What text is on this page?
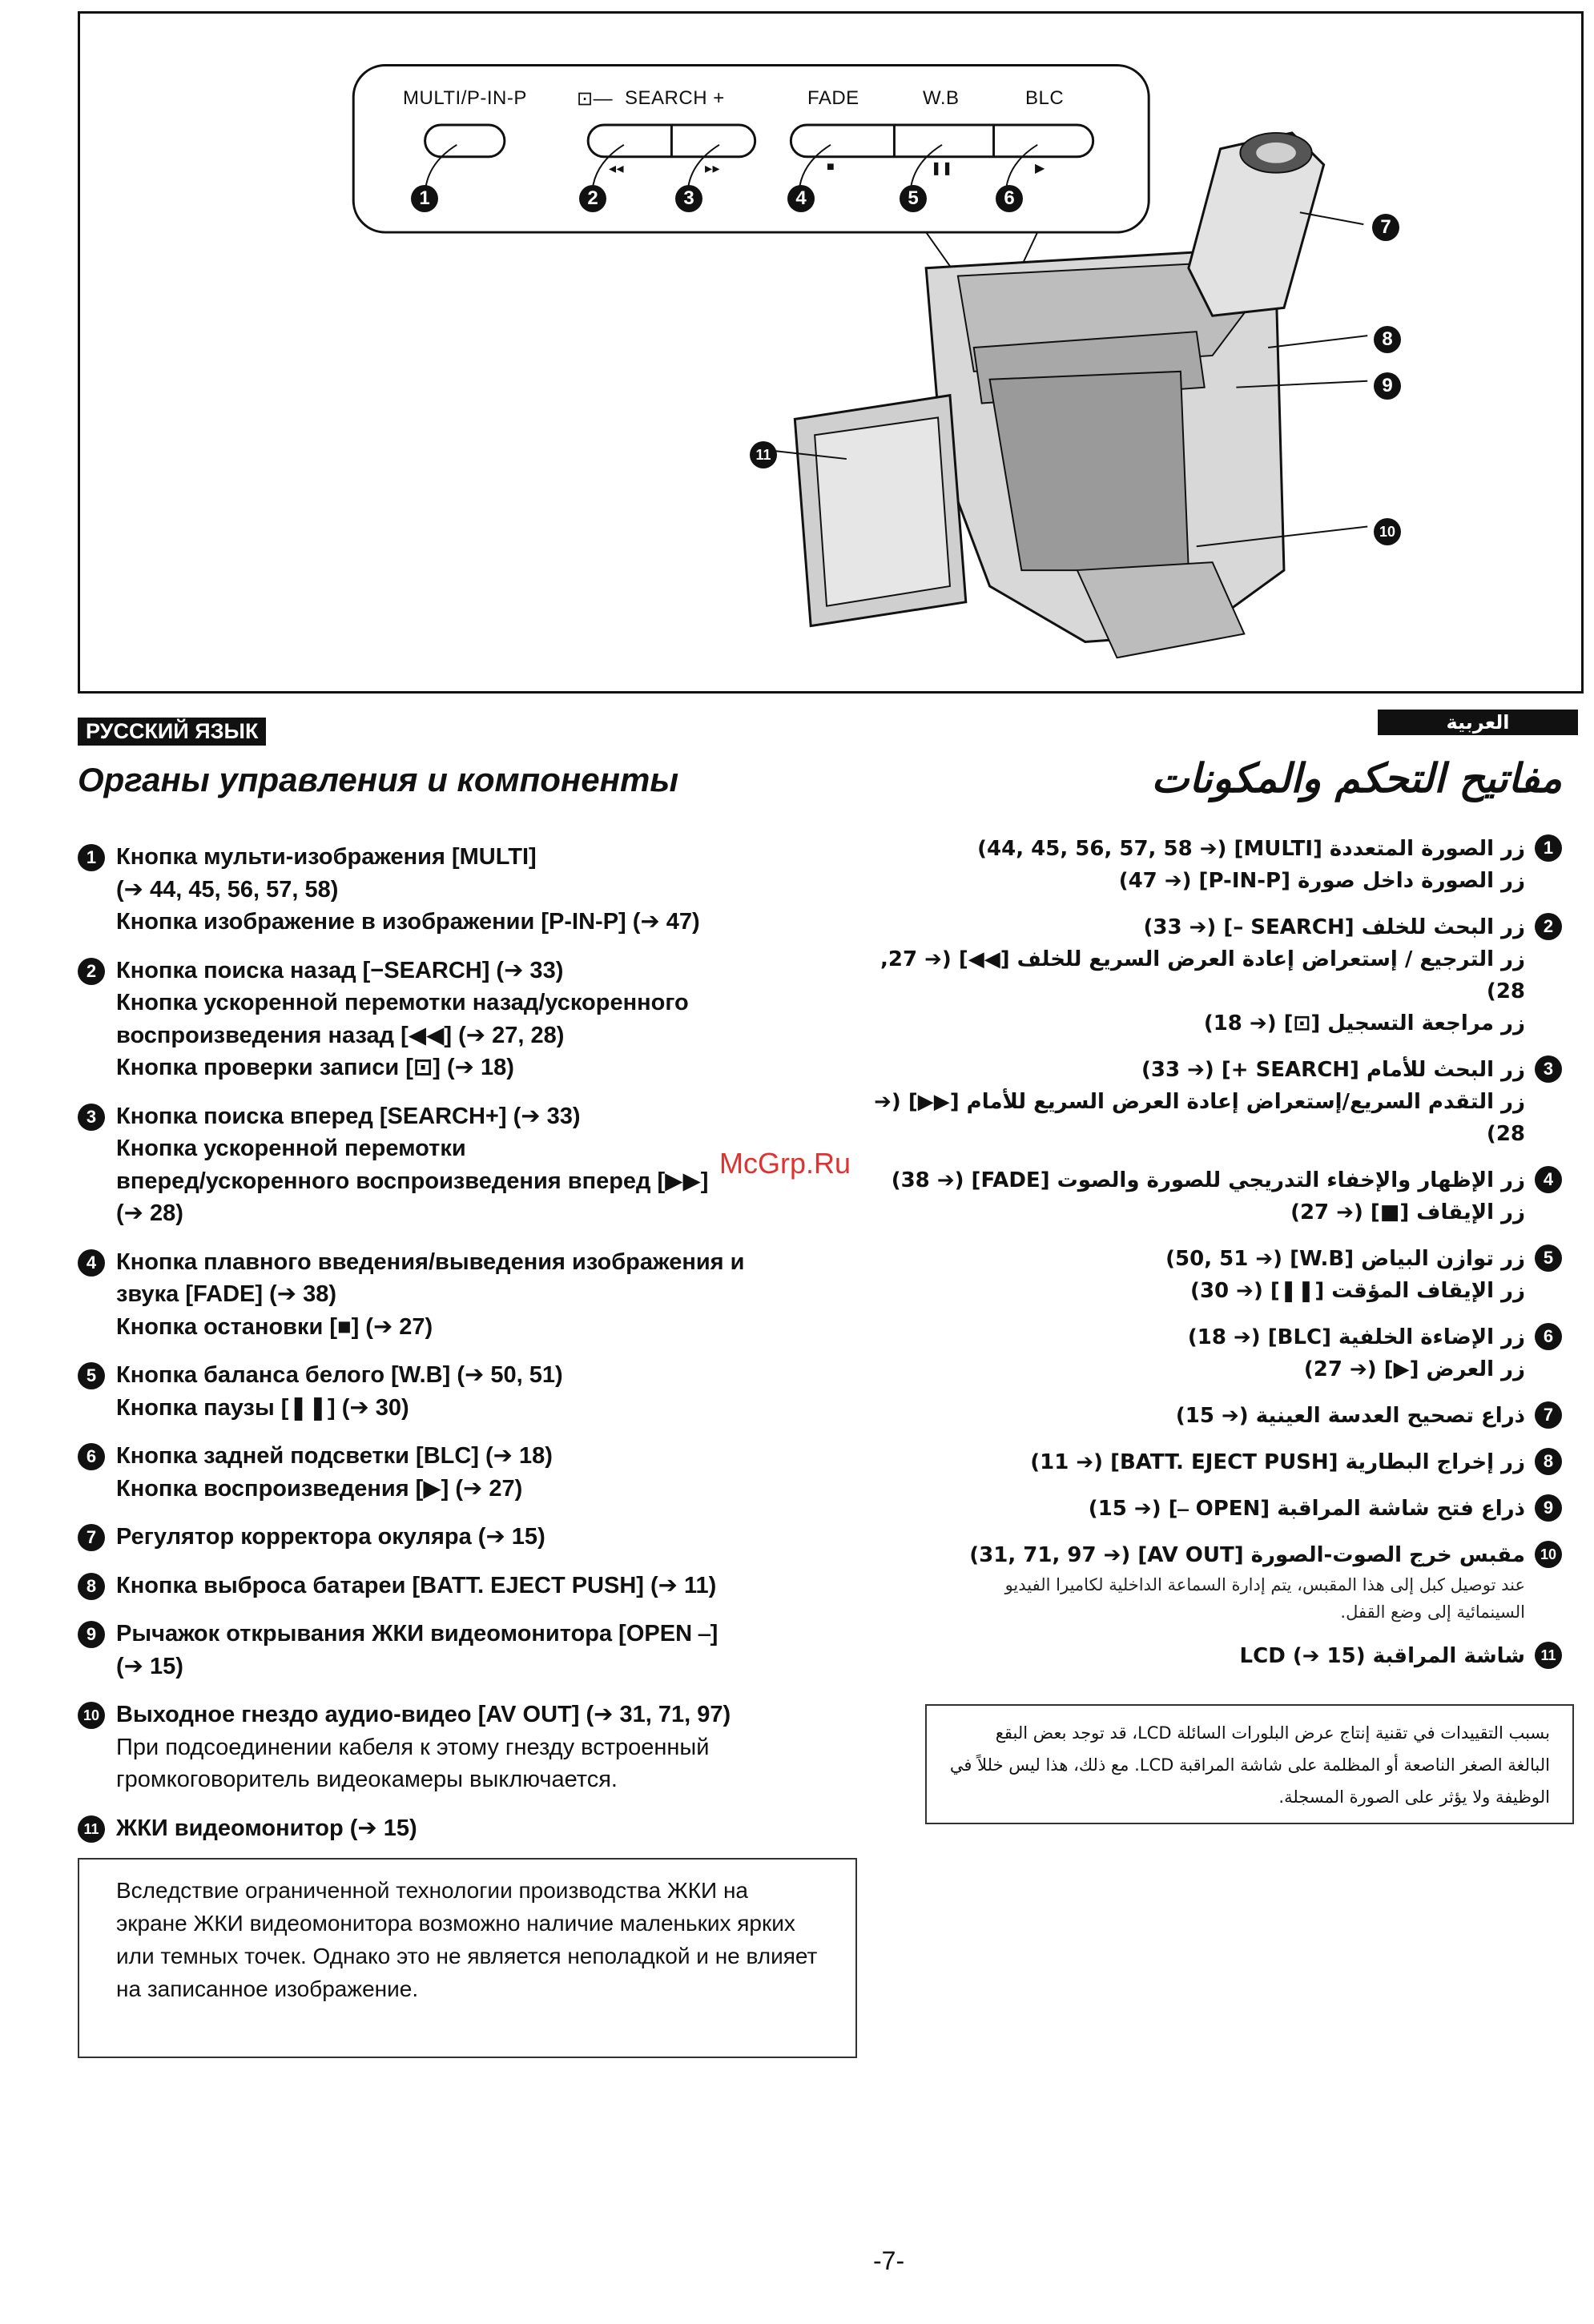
MULTI/P-IN-P	⊡— SEARCH +	FADE	W.B	BLC
◂◂	▸▸	■	❚❚	▶
1	2	3	4	5	6
7
8
9
10
11
РУССКИЙ ЯЗЫК	العربية
Органы управления и компоненты	مفاتيح التحكم والمكونات
1 Кнопка мульти-изображения [MULTI]
(➔ 44, 45, 56, 57, 58)
Кнопка изображение в изображении [P-IN-P] (➔ 47)
2 Кнопка поиска назад [−SEARCH] (➔ 33)
Кнопка ускоренной перемотки назад/ускоренного
воспроизведения назад [◀◀] (➔ 27, 28)
Кнопка проверки записи [⊡] (➔ 18)
3 Кнопка поиска вперед [SEARCH+] (➔ 33)
Кнопка ускоренной перемотки
вперед/ускоренного воспроизведения вперед [▶▶]
(➔ 28)
4 Кнопка плавного введения/выведения изображения и
звука [FADE] (➔ 38)
Кнопка остановки [■] (➔ 27)
5 Кнопка баланса белого [W.B] (➔ 50, 51)
Кнопка паузы [❚❚] (➔ 30)
6 Кнопка задней подсветки [BLC] (➔ 18)
Кнопка воспроизведения [▶] (➔ 27)
7 Регулятор корректора окуляра (➔ 15)
8 Кнопка выброса батареи [BATT. EJECT PUSH] (➔ 11)
9 Рычажок открывания ЖКИ видеомонитора [OPEN ⎯]
(➔ 15)
10 Выходное гнездо аудио-видео [AV OUT] (➔ 31, 71, 97)
При подсоединении кабеля к этому гнезду встроенный
громкоговоритель видеокамеры выключается.
11 ЖКИ видеомонитор (➔ 15)
Вследствие ограниченной технологии производства ЖКИ на экране ЖКИ видеомонитора возможно наличие маленьких ярких или темных точек. Однако это не является неполадкой и не влияет на записанное изображение.
1
زر الصورة المتعددة [MULTI] (➔ 44, 45, 56, 57, 58)
زر الصورة داخل صورة [P-IN-P] (➔ 47)
2
زر البحث للخلف [SEARCH –] (➔ 33)
زر الترجيع / إستعراض إعادة العرض السريع للخلف [◀◀] (➔ 27, 28)
زر مراجعة التسجيل [⊡] (➔ 18)
3
زر البحث للأمام [SEARCH +] (➔ 33)
زر التقدم السريع/إستعراض إعادة العرض السريع للأمام [▶▶] (➔ 28)
4
زر الإظهار والإخفاء التدريجي للصورة والصوت [FADE] (➔ 38)
زر الإيقاف [■] (➔ 27)
5
زر توازن البياض [W.B] (➔ 50, 51)
زر الإيقاف المؤقت [❚❚] (➔ 30)
6
زر الإضاءة الخلفية [BLC] (➔ 18)
زر العرض [▶] (➔ 27)
7
ذراع تصحيح العدسة العينية (➔ 15)
8
زر إخراج البطارية [BATT. EJECT PUSH] (➔ 11)
9
ذراع فتح شاشة المراقبة [OPEN ⎯] (➔ 15)
10
مقبس خرج الصوت-الصورة [AV OUT] (➔ 31, 71, 97)
عند توصيل كبل إلى هذا المقبس، يتم إدارة السماعة الداخلية لكاميرا الفيديو
السينمائية إلى وضع القفل.
11
شاشة المراقبة LCD (➔ 15)
بسبب التقييدات في تقنية إنتاج عرض البلورات السائلة LCD، قد توجد بعض البقع البالغة الصغر الناصعة أو المظلمة على شاشة المراقبة LCD. مع ذلك، هذا ليس خللاً في الوظيفة ولا يؤثر على الصورة المسجلة.
McGrp.Ru
-7-
